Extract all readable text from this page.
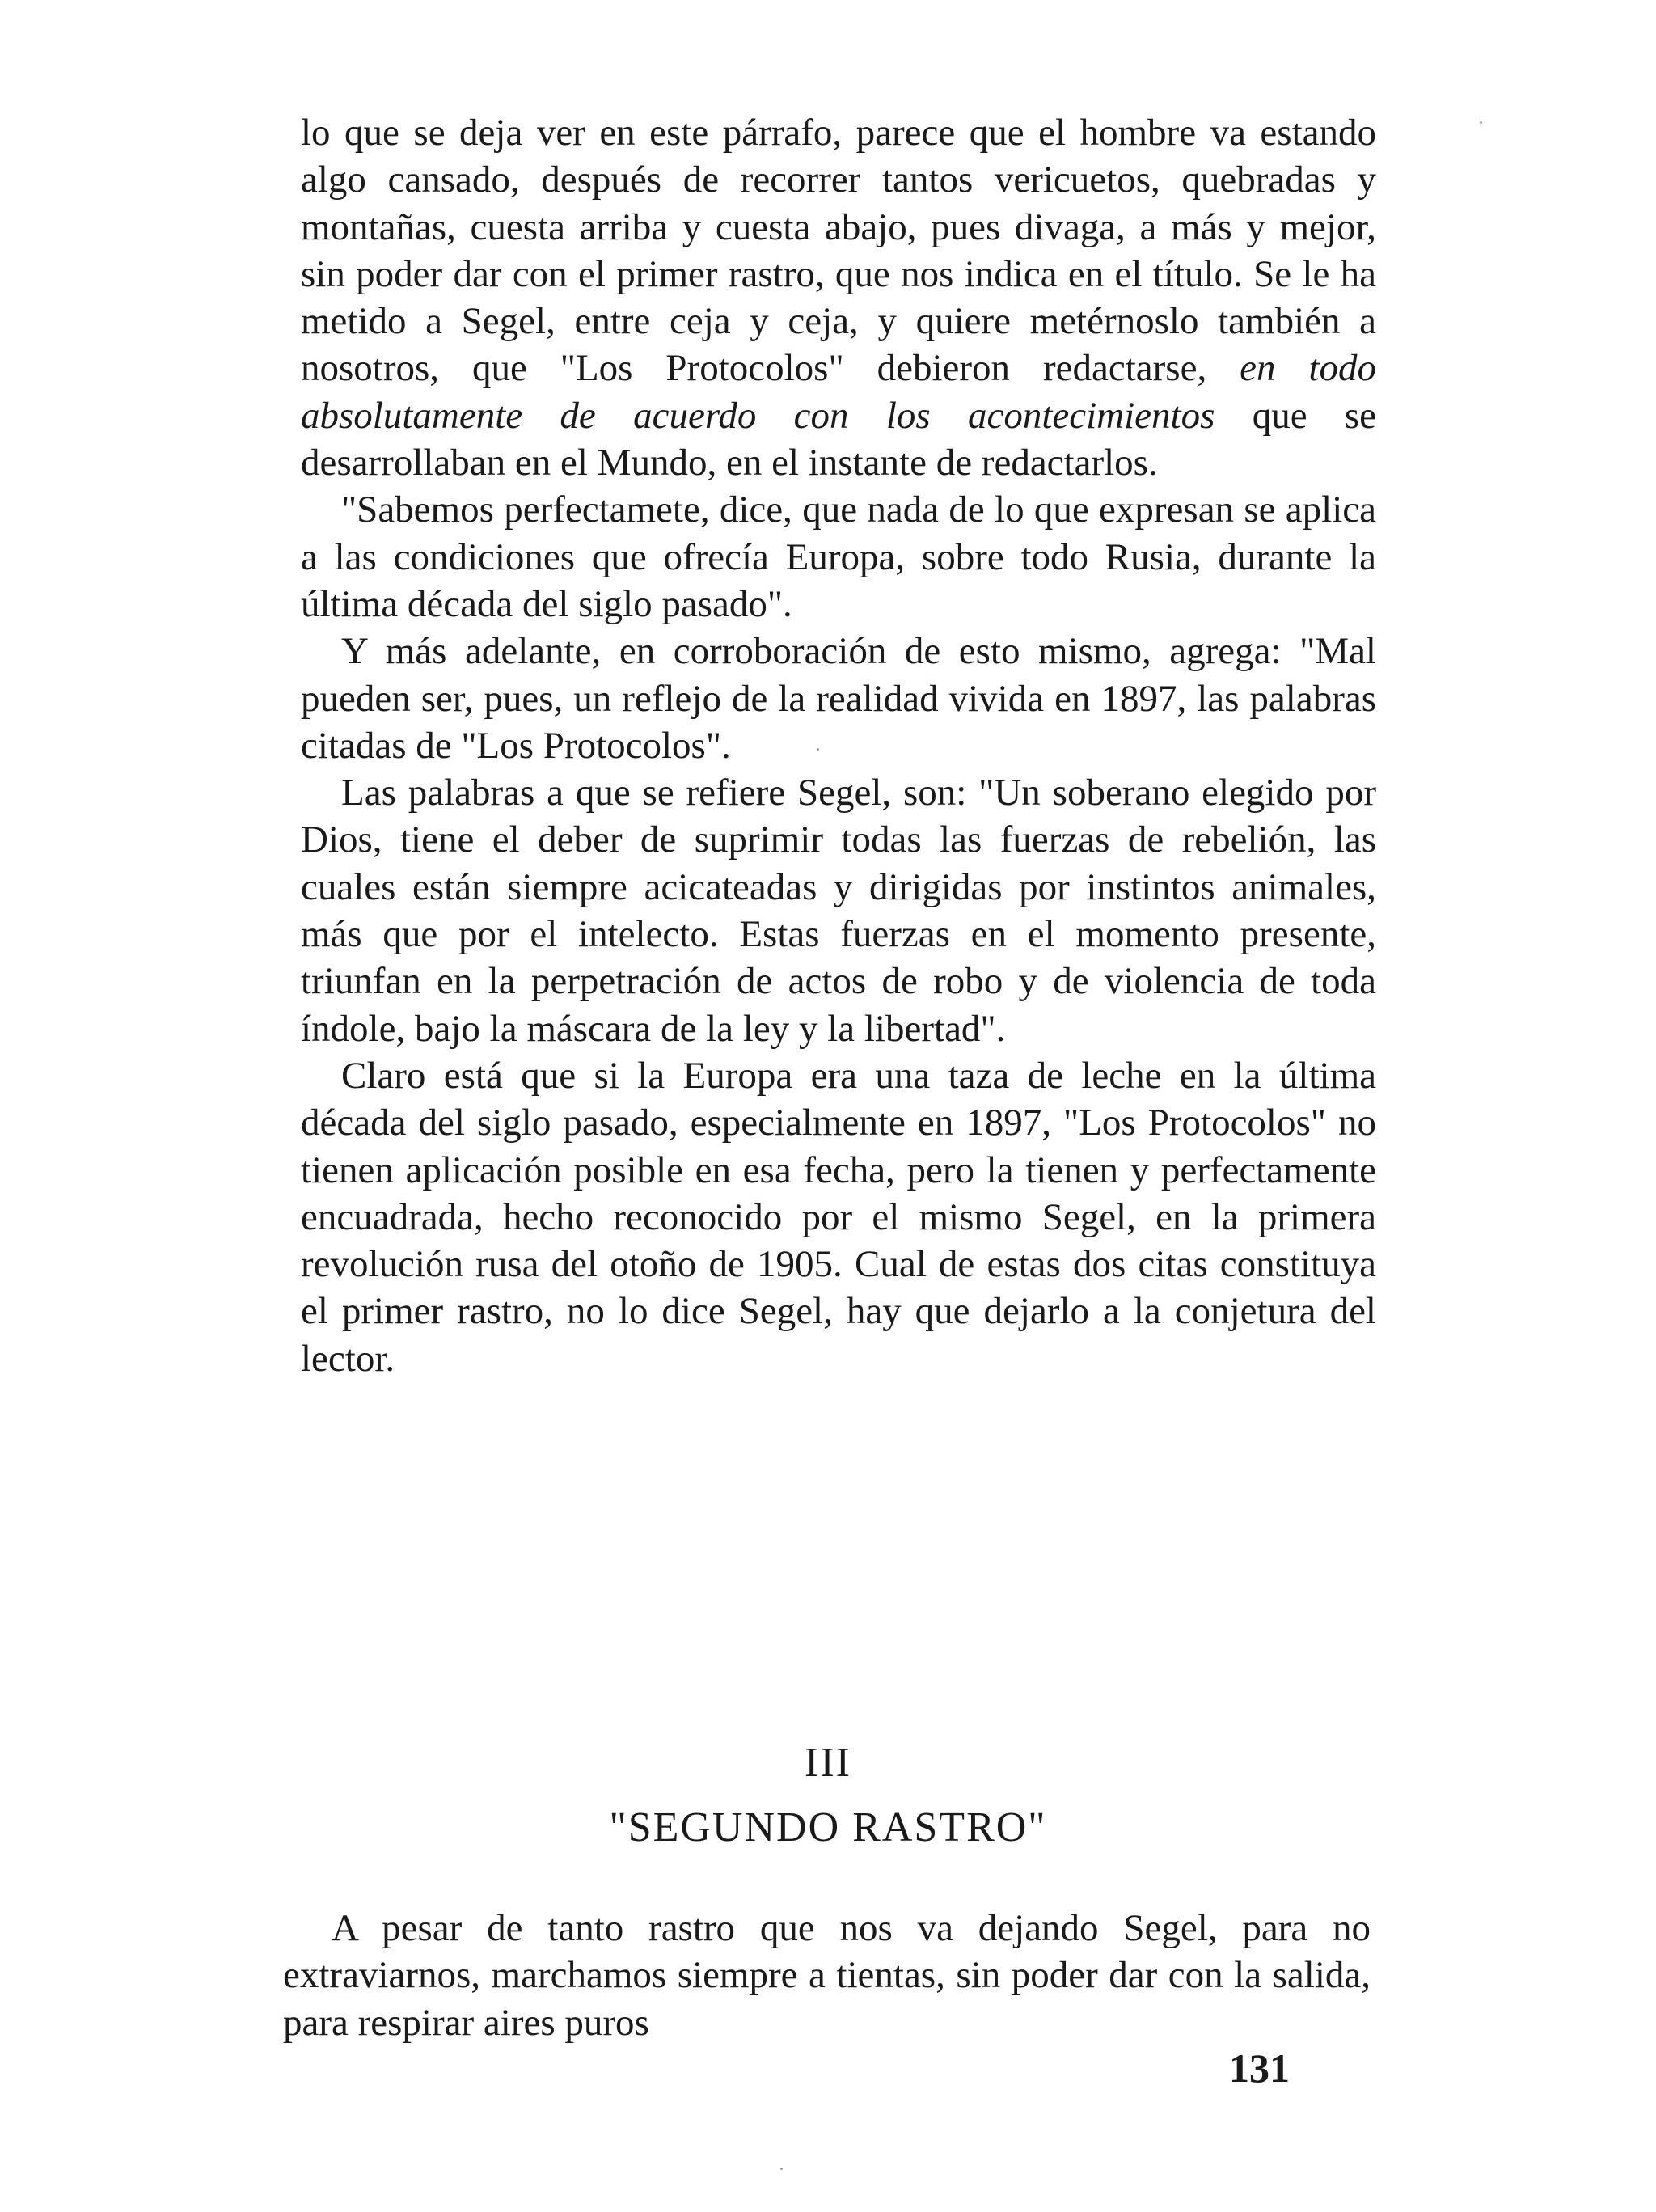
lo que se deja ver en este párrafo, parece que el hombre va estando algo cansado, después de recorrer tantos vericuetos, quebradas y montañas, cuesta arriba y cuesta abajo, pues divaga, a más y mejor, sin poder dar con el primer rastro, que nos indica en el título. Se le ha metido a Segel, entre ceja y ceja, y quiere metérnoslo también a nosotros, que "Los Protocolos" debieron redactarse, en todo absolutamente de acuerdo con los acontecimientos que se desarrollaban en el Mundo, en el instante de redactarlos.

"Sabemos perfectamete, dice, que nada de lo que expresan se aplica a las condiciones que ofrecía Europa, sobre todo Rusia, durante la última década del siglo pasado".

Y más adelante, en corroboración de esto mismo, agrega: "Mal pueden ser, pues, un reflejo de la realidad vivida en 1897, las palabras citadas de "Los Protocolos".

Las palabras a que se refiere Segel, son: "Un soberano elegido por Dios, tiene el deber de suprimir todas las fuerzas de rebelión, las cuales están siempre acicateadas y dirigidas por instintos animales, más que por el intelecto. Estas fuerzas en el momento presente, triunfan en la perpetración de actos de robo y de violencia de toda índole, bajo la máscara de la ley y la libertad".

Claro está que si la Europa era una taza de leche en la última década del siglo pasado, especialmente en 1897, "Los Protocolos" no tienen aplicación posible en esa fecha, pero la tienen y perfectamente encuadrada, hecho reconocido por el mismo Segel, en la primera revolución rusa del otoño de 1905. Cual de estas dos citas constituya el primer rastro, no lo dice Segel, hay que dejarlo a la conjetura del lector.

III
"SEGUNDO RASTRO"

A pesar de tanto rastro que nos va dejando Segel, para no extraviarnos, marchamos siempre a tientas, sin poder dar con la salida, para respirar aires puros

131
